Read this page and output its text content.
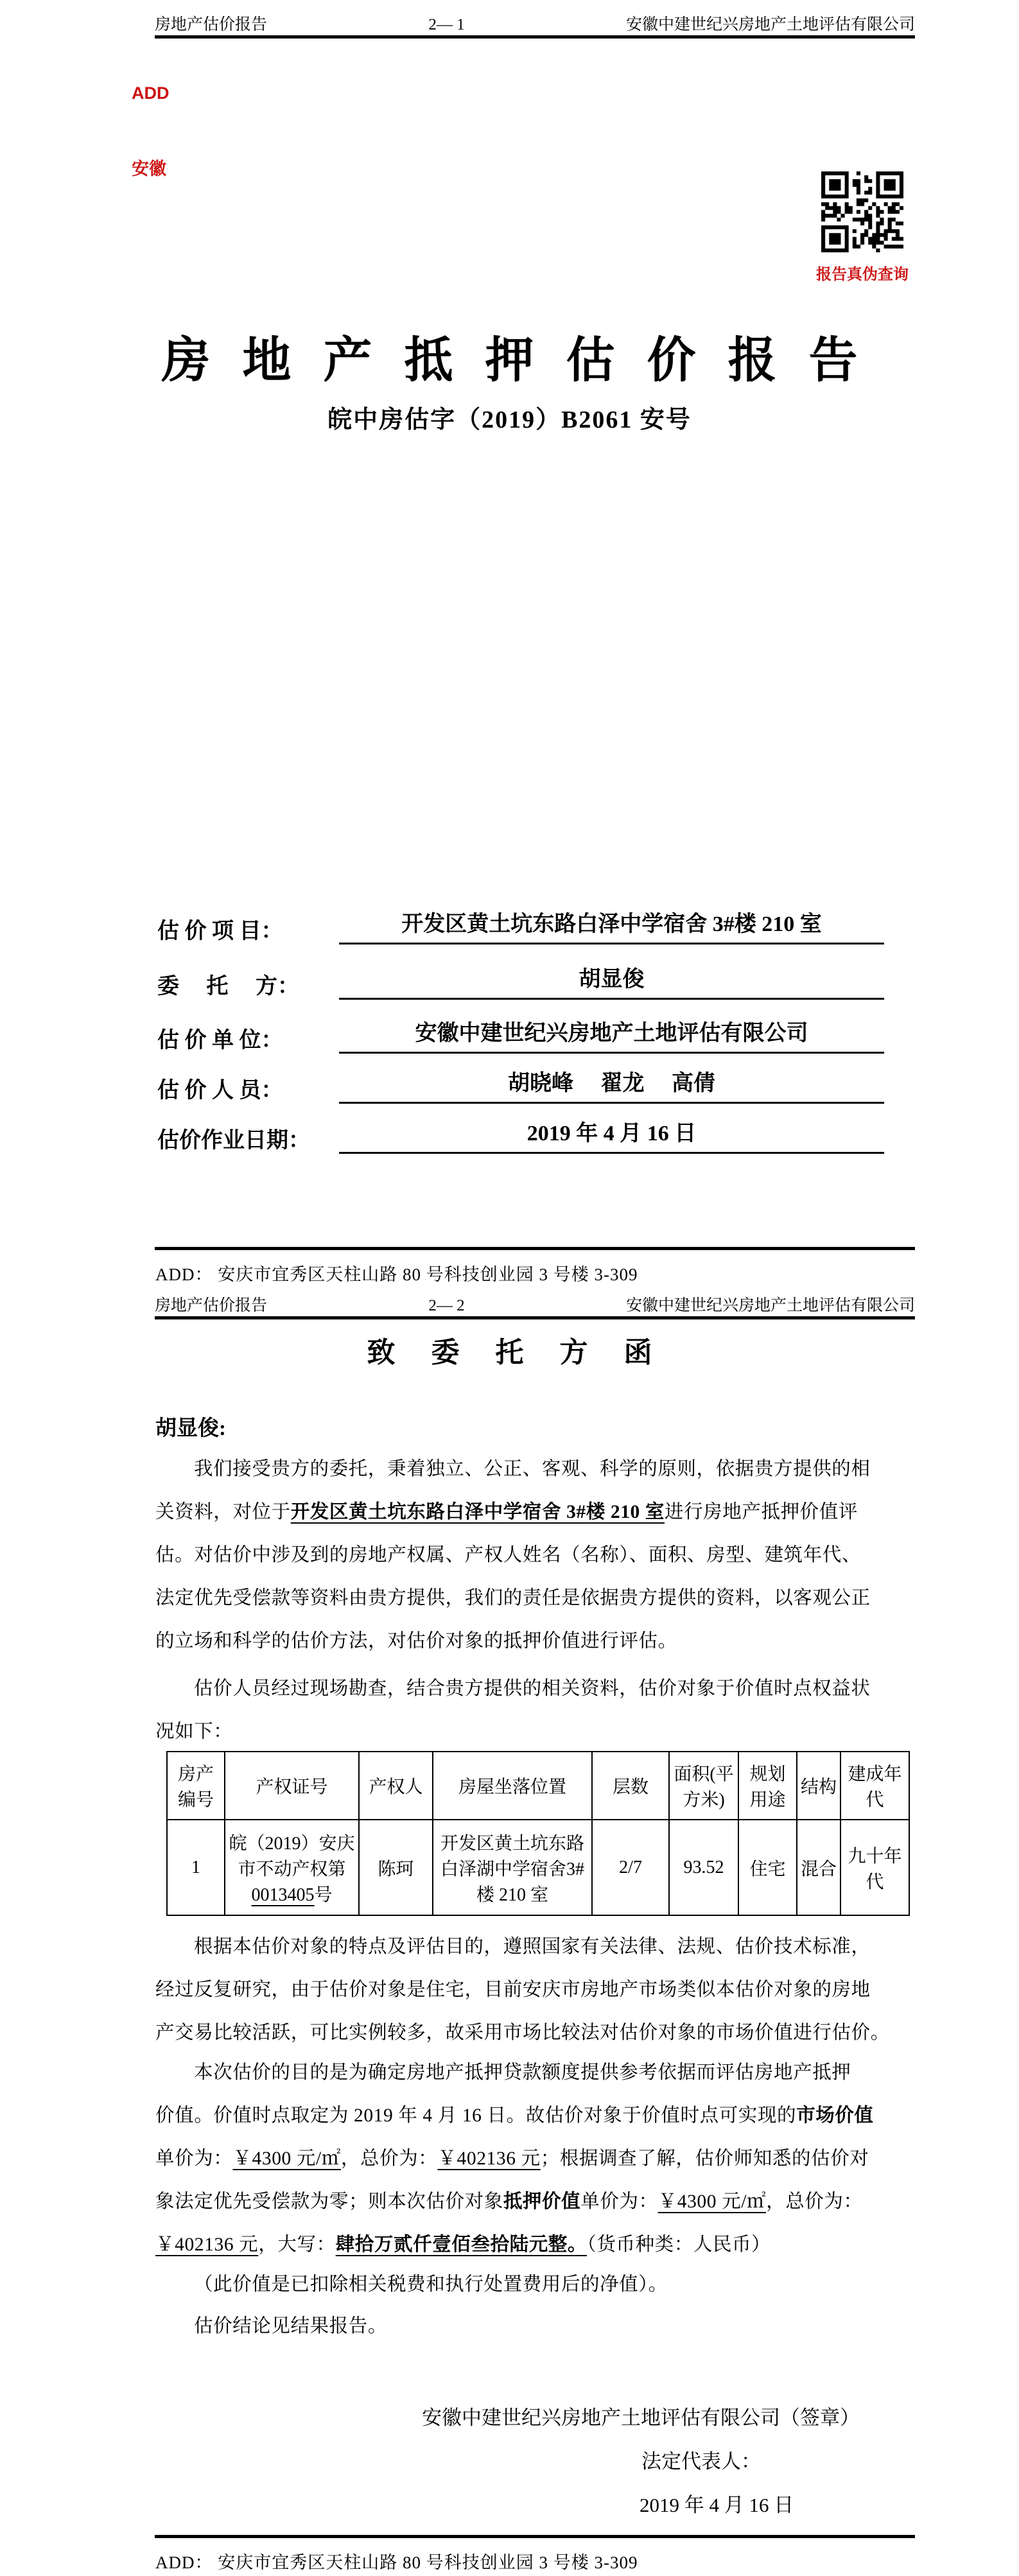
房地产估价报告	2— 1	安徽中建世纪兴房地产土地评估有限公司
ADD
安徽
报告真伪查询
房地产抵押估价报告
皖中房估字（2019）B2061 安号
估 价 项 目：	开发区黄土坑东路白泽中学宿舍 3#楼 210 室
委　 托 　方：	胡显俊
估 价 单 位：	安徽中建世纪兴房地产土地评估有限公司
估 价 人 员：	胡晓峰　 翟龙　 高倩
估价作业日期：	2019 年 4 月 16 日
ADD： 安庆市宜秀区天柱山路 80 号科技创业园 3 号楼 3-309
房地产估价报告	2— 2	安徽中建世纪兴房地产土地评估有限公司
致委托方函
胡显俊:
我们接受贵方的委托，秉着独立、公正、客观、科学的原则，依据贵方提供的相
关资料，对位于开发区黄土坑东路白泽中学宿舍 3#楼 210 室进行房地产抵押价值评
估。对估价中涉及到的房地产权属、产权人姓名（名称）、面积、房型、建筑年代、
法定优先受偿款等资料由贵方提供，我们的责任是依据贵方提供的资料，以客观公正
的立场和科学的估价方法，对估价对象的抵押价值进行评估。
估价人员经过现场勘查，结合贵方提供的相关资料，估价对象于价值时点权益状
况如下：
房产编号	产权证号	产权人	房屋坐落位置	层数	面积(平方米)	规划用途	结构	建成年代
1	皖（2019）安庆市不动产权第0013405号	陈珂	开发区黄土坑东路白泽湖中学宿舍3#楼 210 室	2/7	93.52	住宅	混合	九十年代
根据本估价对象的特点及评估目的，遵照国家有关法律、法规、估价技术标准，
经过反复研究，由于估价对象是住宅，目前安庆市房地产市场类似本估价对象的房地
产交易比较活跃，可比实例较多，故采用市场比较法对估价对象的市场价值进行估价。
本次估价的目的是为确定房地产抵押贷款额度提供参考依据而评估房地产抵押
价值。价值时点取定为 2019 年 4 月 16 日。故估价对象于价值时点可实现的市场价值
单价为：￥4300 元/㎡，总价为：￥402136 元；根据调查了解，估价师知悉的估价对
象法定优先受偿款为零；则本次估价对象抵押价值单价为：￥4300 元/㎡，总价为：
￥402136 元，大写：肆拾万贰仟壹佰叁拾陆元整。（货币种类：人民币）
（此价值是已扣除相关税费和执行处置费用后的净值）。
估价结论见结果报告。
安徽中建世纪兴房地产土地评估有限公司（签章）
法定代表人：
2019 年 4 月 16 日
ADD： 安庆市宜秀区天柱山路 80 号科技创业园 3 号楼 3-309
